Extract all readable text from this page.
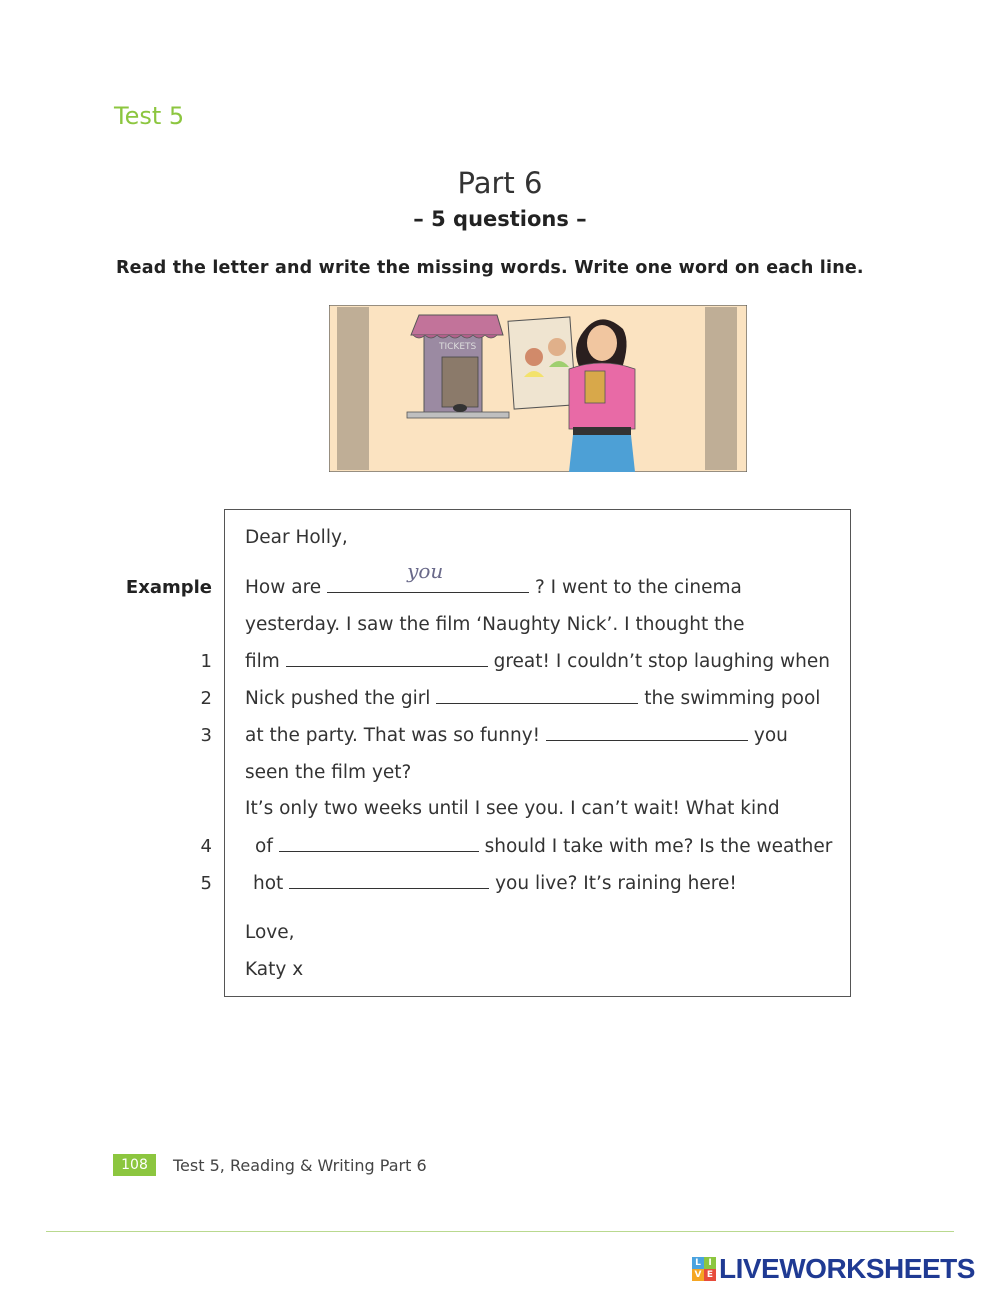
Test 5
Part 6
– 5 questions –
Read the letter and write the missing words. Write one word on each line.
TICKETS
Dear Holly,
Example How are
you
? I went to the cinema
yesterday. I saw the film ‘Naughty Nick’. I thought the
1 film	great! I couldn’t stop laughing when
2 Nick pushed the girl	the swimming pool
3 at the party. That was so funny!	you
seen the film yet?
It’s only two weeks until I see you. I can’t wait! What kind
4 of	should I take with me? Is the weather
5 hot	you live? It’s raining here!
Love,
Katy x
108	Test 5, Reading & Writing Part 6
L I
V E LIVEWORKSHEETS
